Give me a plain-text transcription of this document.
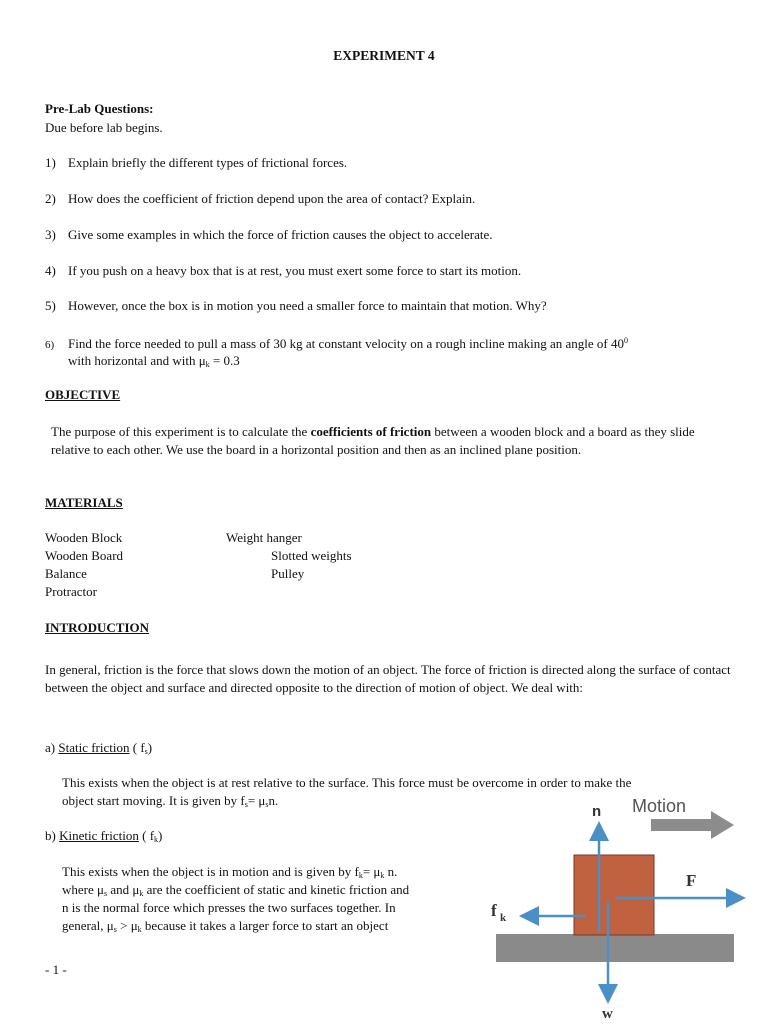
EXPERIMENT 4
Pre-Lab Questions:
Due before lab begins.
1) Explain briefly the different types of frictional forces.
2) How does the coefficient of friction depend upon the area of contact? Explain.
3) Give some examples in which the force of friction causes the object to accelerate.
4) If you push on a heavy box that is at rest, you must exert some force to start its motion.
5) However, once the box is in motion you need a smaller force to maintain that motion. Why?
6) Find the force needed to pull a mass of 30 kg at constant velocity on a rough incline making an angle of $40^0$
with horizontal and with μk = 0.3
OBJECTIVE
The purpose of this experiment is to calculate the coefficients of friction between a wooden block and a board as they slide relative to each other. We use the board in a horizontal position and then as an inclined plane position.
MATERIALS
Wooden Block
Wooden Board
Balance
Protractor
Weight hanger
Slotted weights
Pulley
INTRODUCTION
In general, friction is the force that slows down the motion of an object. The force of friction is directed along the surface of contact between the object and surface and directed opposite to the direction of motion of object. We deal with:
a) Static friction ( fs)
This exists when the object is at rest relative to the surface. This force must be overcome in order to make the
object start moving. It is given by fs= μsn.
b) Kinetic friction ( fk)
This exists when the object is in motion and is given by fk= μk n.
where μs and μk are the coefficient of static and kinetic friction and
n is the normal force which presses the two surfaces together. In
general, μs > μk because it takes a larger force to start an object
- 1 -
n Motion
F
f k
w
